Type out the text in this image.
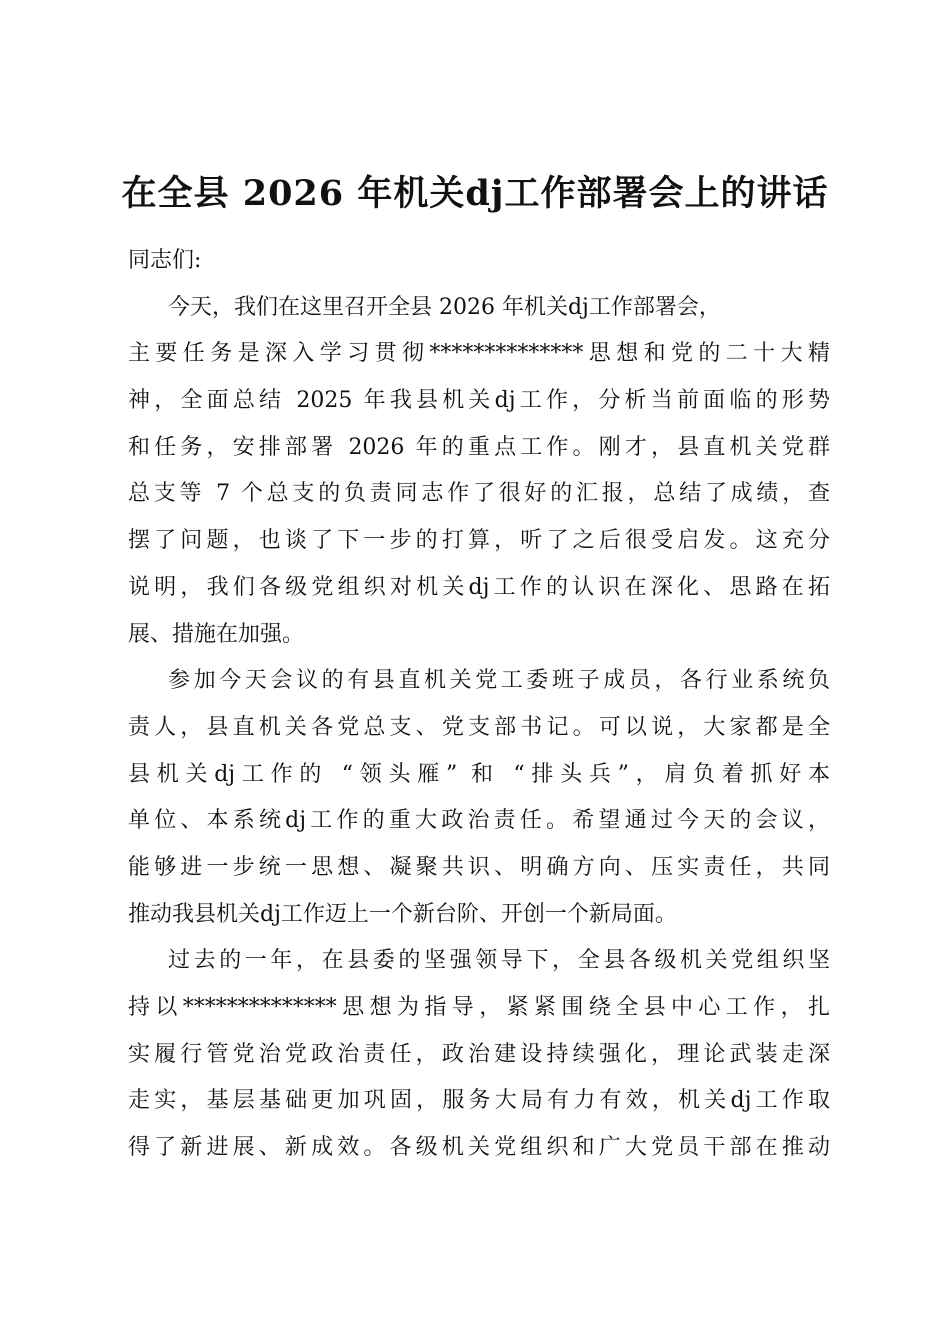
在全县 2026 年机关dj工作部署会上的讲话
同志们:
今天，我们在这里召开全县 2026 年机关dj工作部署会，
主要任务是深入学习贯彻**************思想和党的二十大精
神，全面总结 2025 年我县机关dj工作，分析当前面临的形势
和任务，安排部署 2026 年的重点工作。刚才，县直机关党群
总支等 7 个总支的负责同志作了很好的汇报，总结了成绩，查
摆了问题，也谈了下一步的打算，听了之后很受启发。这充分
说明，我们各级党组织对机关dj工作的认识在深化、思路在拓
展、措施在加强。
参加今天会议的有县直机关党工委班子成员，各行业系统负
责人，县直机关各党总支、党支部书记。可以说，大家都是全
县机关dj工作的 “领头雁” 和 “排头兵”，肩负着抓好本
单位、本系统dj工作的重大政治责任。希望通过今天的会议，
能够进一步统一思想、凝聚共识、明确方向、压实责任，共同
推动我县机关dj工作迈上一个新台阶、开创一个新局面。
过去的一年，在县委的坚强领导下，全县各级机关党组织坚
持以**************思想为指导，紧紧围绕全县中心工作，扎
实履行管党治党政治责任，政治建设持续强化，理论武装走深
走实，基层基础更加巩固，服务大局有力有效，机关dj工作取
得了新进展、新成效。各级机关党组织和广大党员干部在推动
